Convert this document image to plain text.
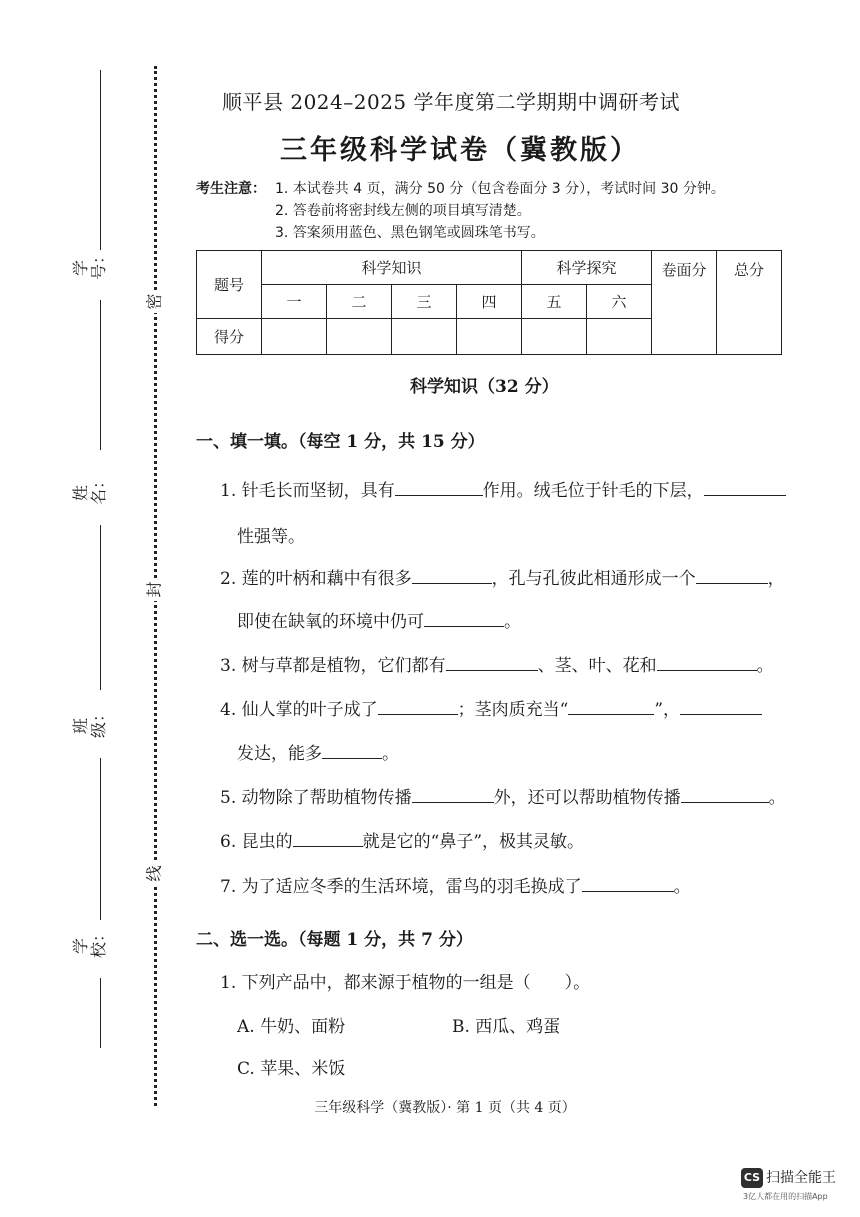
学号：
姓名：
班级：
学校：
密
封
线
顺平县 2024–2025 学年度第二学期期中调研考试
三年级科学试卷（冀教版）
考生注意： 1. 本试卷共 4 页，满分 50 分（包含卷面分 3 分），考试时间 30 分钟。
2. 答卷前将密封线左侧的项目填写清楚。
3. 答案须用蓝色、黑色钢笔或圆珠笔书写。
题号	科学知识				科学探究		卷面分	总分
	一	二	三	四	五	六		
得分								
科学知识（32 分）
一、填一填。（每空 1 分，共 15 分）
1. 针毛长而坚韧，具有	作用。绒毛位于针毛的下层，
性强等。
2. 莲的叶柄和藕中有很多	，孔与孔彼此相通形成一个	，
即使在缺氧的环境中仍可	。
3. 树与草都是植物，它们都有	、茎、叶、花和	。
4. 仙人掌的叶子成了	；茎肉质充当“	”，
发达，能多	。
5. 动物除了帮助植物传播	外，还可以帮助植物传播	。
6. 昆虫的	就是它的“鼻子”，极其灵敏。
7. 为了适应冬季的生活环境，雷鸟的羽毛换成了	。
二、选一选。（每题 1 分，共 7 分）
1. 下列产品中，都来源于植物的一组是（　　）。
A. 牛奶、面粉	B. 西瓜、鸡蛋
C. 苹果、米饭
三年级科学（冀教版）· 第 1 页（共 4 页）
CS 扫描全能王
3亿人都在用的扫描App
